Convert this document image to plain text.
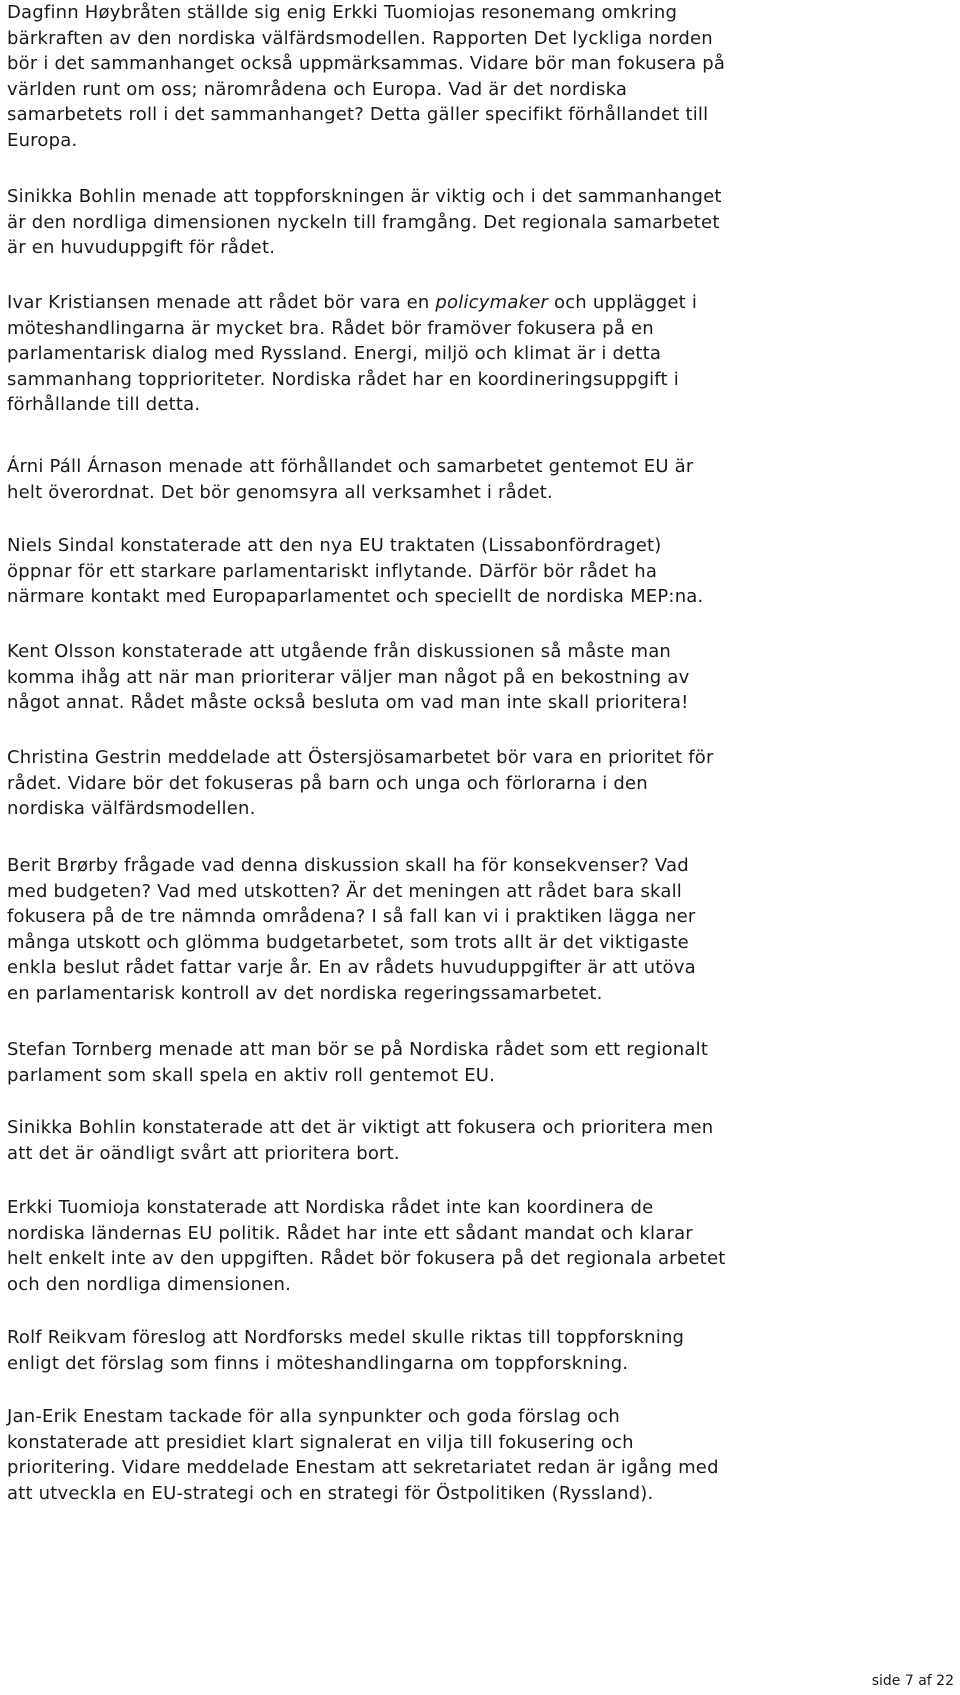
Dagfinn Høybråten ställde sig enig Erkki Tuomiojas resonemang omkring
bärkraften av den nordiska välfärdsmodellen. Rapporten Det lyckliga norden
bör i det sammanhanget också uppmärksammas. Vidare bör man fokusera på
världen runt om oss; närområdena och Europa. Vad är det nordiska
samarbetets roll i det sammanhanget? Detta gäller specifikt förhållandet till
Europa.

Sinikka Bohlin menade att toppforskningen är viktig och i det sammanhanget
är den nordliga dimensionen nyckeln till framgång. Det regionala samarbetet
är en huvuduppgift för rådet.

Ivar Kristiansen menade att rådet bör vara en policymaker och upplägget i
möteshandlingarna är mycket bra. Rådet bör framöver fokusera på en
parlamentarisk dialog med Ryssland. Energi, miljö och klimat är i detta
sammanhang topprioriteter. Nordiska rådet har en koordineringsuppgift i
förhållande till detta.

Árni Páll Árnason menade att förhållandet och samarbetet gentemot EU är
helt överordnat. Det bör genomsyra all verksamhet i rådet.

Niels Sindal konstaterade att den nya EU traktaten (Lissabonfördraget)
öppnar för ett starkare parlamentariskt inflytande. Därför bör rådet ha
närmare kontakt med Europaparlamentet och speciellt de nordiska MEP:na.

Kent Olsson konstaterade att utgående från diskussionen så måste man
komma ihåg att när man prioriterar väljer man något på en bekostning av
något annat. Rådet måste också besluta om vad man inte skall prioritera!

Christina Gestrin meddelade att Östersjösamarbetet bör vara en prioritet för
rådet. Vidare bör det fokuseras på barn och unga och förlorarna i den
nordiska välfärdsmodellen.

Berit Brørby frågade vad denna diskussion skall ha för konsekvenser? Vad
med budgeten? Vad med utskotten? Är det meningen att rådet bara skall
fokusera på de tre nämnda områdena? I så fall kan vi i praktiken lägga ner
många utskott och glömma budgetarbetet, som trots allt är det viktigaste
enkla beslut rådet fattar varje år. En av rådets huvuduppgifter är att utöva
en parlamentarisk kontroll av det nordiska regeringssamarbetet.

Stefan Tornberg menade att man bör se på Nordiska rådet som ett regionalt
parlament som skall spela en aktiv roll gentemot EU.

Sinikka Bohlin konstaterade att det är viktigt att fokusera och prioritera men
att det är oändligt svårt att prioritera bort.

Erkki Tuomioja konstaterade att Nordiska rådet inte kan koordinera de
nordiska ländernas EU politik. Rådet har inte ett sådant mandat och klarar
helt enkelt inte av den uppgiften. Rådet bör fokusera på det regionala arbetet
och den nordliga dimensionen.

Rolf Reikvam föreslog att Nordforsks medel skulle riktas till toppforskning
enligt det förslag som finns i möteshandlingarna om toppforskning.

Jan-Erik Enestam tackade för alla synpunkter och goda förslag och
konstaterade att presidiet klart signalerat en vilja till fokusering och
prioritering. Vidare meddelade Enestam att sekretariatet redan är igång med
att utveckla en EU-strategi och en strategi för Östpolitiken (Ryssland).

side 7 af 22
